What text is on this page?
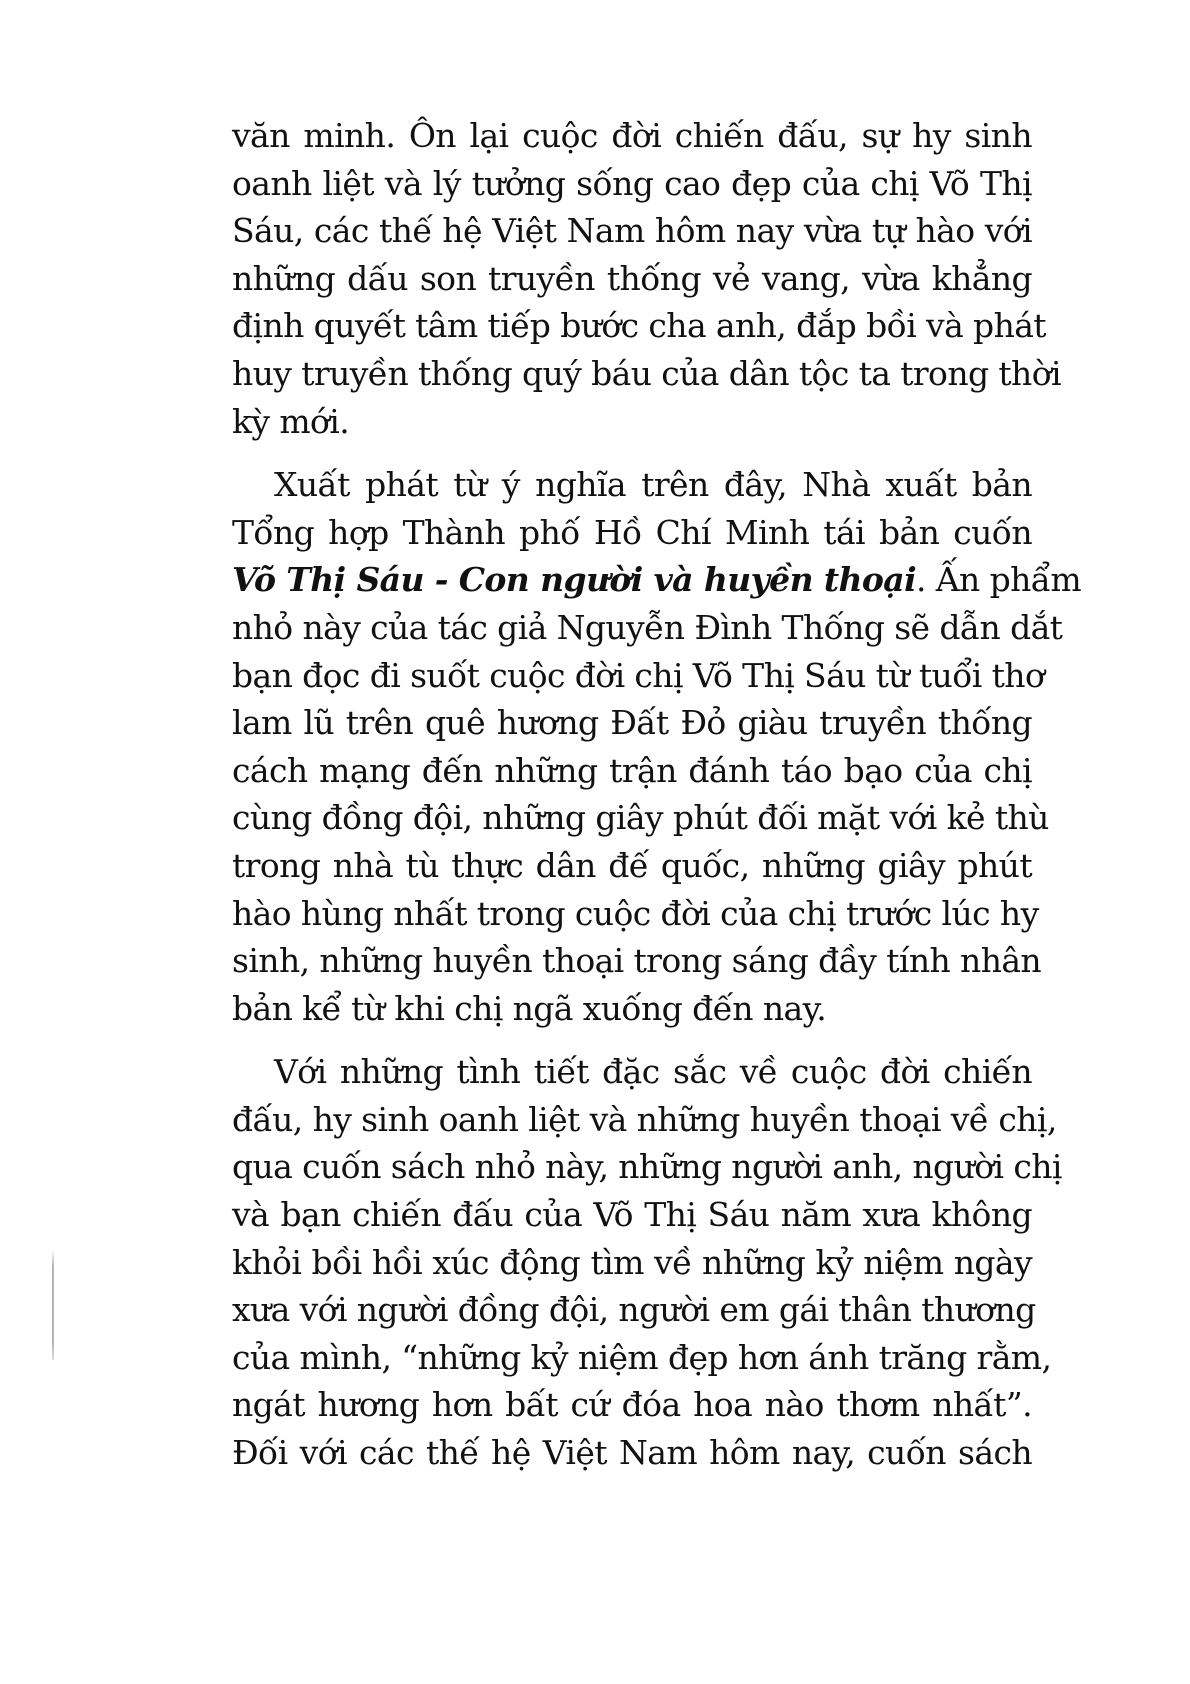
văn minh. Ôn lại cuộc đời chiến đấu, sự hy sinh
oanh liệt và lý tưởng sống cao đẹp của chị Võ Thị
Sáu, các thế hệ Việt Nam hôm nay vừa tự hào với
những dấu son truyền thống vẻ vang, vừa khẳng
định quyết tâm tiếp bước cha anh, đắp bồi và phát
huy truyền thống quý báu của dân tộc ta trong thời
kỳ mới.
Xuất phát từ ý nghĩa trên đây, Nhà xuất bản
Tổng hợp Thành phố Hồ Chí Minh tái bản cuốn
Võ Thị Sáu - Con người và huyền thoại. Ấn phẩm
nhỏ này của tác giả Nguyễn Đình Thống sẽ dẫn dắt
bạn đọc đi suốt cuộc đời chị Võ Thị Sáu từ tuổi thơ
lam lũ trên quê hương Đất Đỏ giàu truyền thống
cách mạng đến những trận đánh táo bạo của chị
cùng đồng đội, những giây phút đối mặt với kẻ thù
trong nhà tù thực dân đế quốc, những giây phút
hào hùng nhất trong cuộc đời của chị trước lúc hy
sinh, những huyền thoại trong sáng đầy tính nhân
bản kể từ khi chị ngã xuống đến nay.
Với những tình tiết đặc sắc về cuộc đời chiến
đấu, hy sinh oanh liệt và những huyền thoại về chị,
qua cuốn sách nhỏ này, những người anh, người chị
và bạn chiến đấu của Võ Thị Sáu năm xưa không
khỏi bồi hồi xúc động tìm về những kỷ niệm ngày
xưa với người đồng đội, người em gái thân thương
của mình, “những kỷ niệm đẹp hơn ánh trăng rằm,
ngát hương hơn bất cứ đóa hoa nào thơm nhất”.
Đối với các thế hệ Việt Nam hôm nay, cuốn sách
